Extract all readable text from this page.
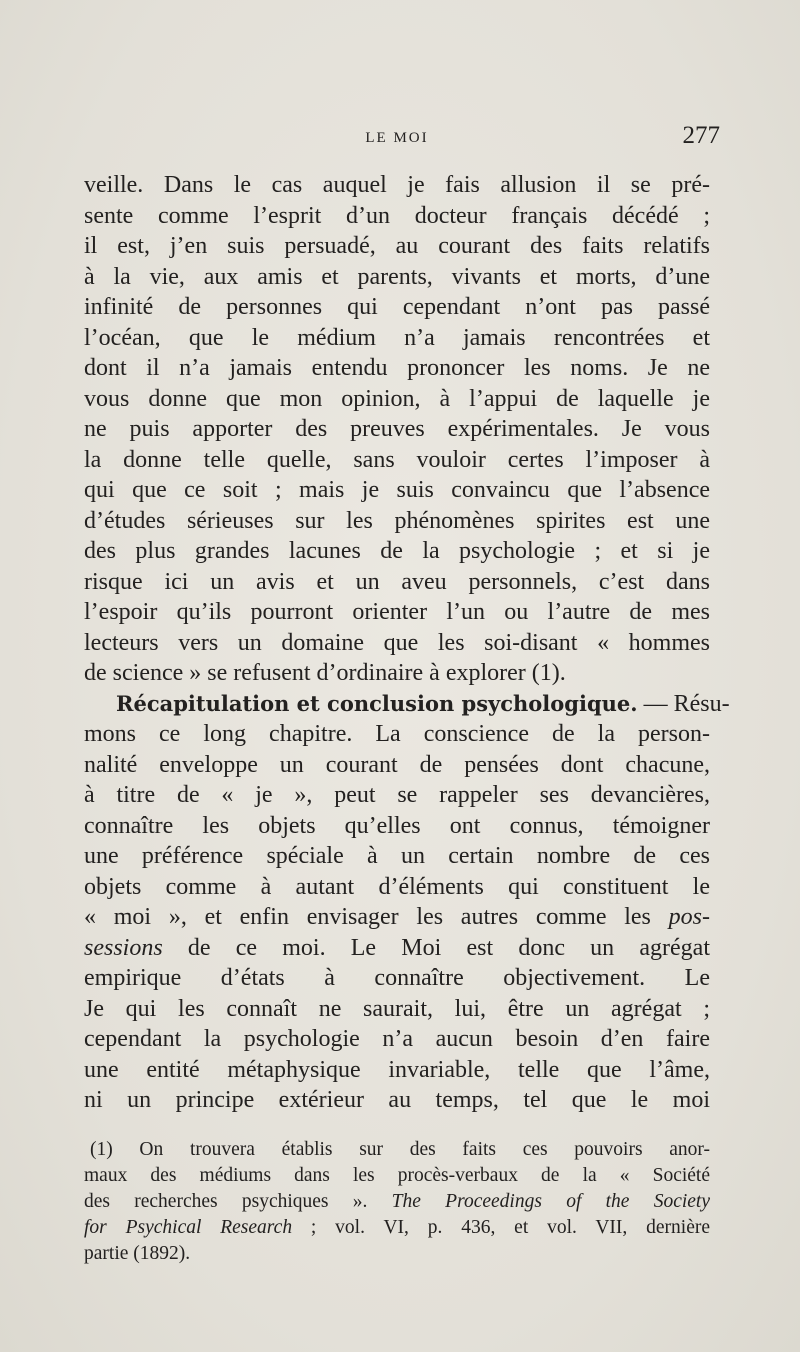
LE MOI	277
veille. Dans le cas auquel je fais allusion il se pré-
sente comme l’esprit d’un docteur français décédé ;
il est, j’en suis persuadé, au courant des faits relatifs
à la vie, aux amis et parents, vivants et morts, d’une
infinité de personnes qui cependant n’ont pas passé
l’océan, que le médium n’a jamais rencontrées et
dont il n’a jamais entendu prononcer les noms. Je ne
vous donne que mon opinion, à l’appui de laquelle je
ne puis apporter des preuves expérimentales. Je vous
la donne telle quelle, sans vouloir certes l’imposer à
qui que ce soit ; mais je suis convaincu que l’absence
d’études sérieuses sur les phénomènes spirites est une
des plus grandes lacunes de la psychologie ; et si je
risque ici un avis et un aveu personnels, c’est dans
l’espoir qu’ils pourront orienter l’un ou l’autre de mes
lecteurs vers un domaine que les soi-disant « hommes
de science » se refusent d’ordinaire à explorer (1).
Récapitulation et conclusion psychologique. — Résu-
mons ce long chapitre. La conscience de la person-
nalité enveloppe un courant de pensées dont chacune,
à titre de « je », peut se rappeler ses devancières,
connaître les objets qu’elles ont connus, témoigner
une préférence spéciale à un certain nombre de ces
objets comme à autant d’éléments qui constituent le
« moi », et enfin envisager les autres comme les pos-
sessions de ce moi. Le Moi est donc un agrégat
empirique d’états à connaître objectivement. Le
Je qui les connaît ne saurait, lui, être un agrégat ;
cependant la psychologie n’a aucun besoin d’en faire
une entité métaphysique invariable, telle que l’âme,
ni un principe extérieur au temps, tel que le moi
(1) On trouvera établis sur des faits ces pouvoirs anor-
maux des médiums dans les procès-verbaux de la « Société
des recherches psychiques ». The Proceedings of the Society
for Psychical Research ; vol. VI, p. 436, et vol. VII, dernière
partie (1892).
